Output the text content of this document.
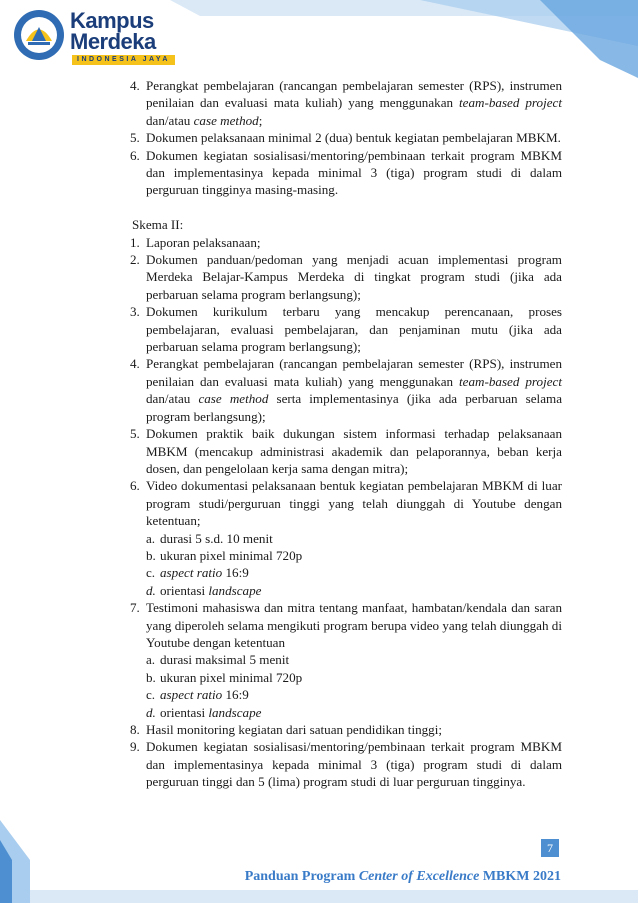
Kampus
Merdeka
INDONESIA JAYA
4. Perangkat pembelajaran (rancangan pembelajaran semester (RPS), instrumen penilaian dan evaluasi mata kuliah) yang menggunakan team-based project dan/atau case method;
5. Dokumen pelaksanaan minimal 2 (dua) bentuk kegiatan pembelajaran MBKM.
6. Dokumen kegiatan sosialisasi/mentoring/pembinaan terkait program MBKM dan implementasinya kepada minimal 3 (tiga) program studi di dalam perguruan tingginya masing-masing.
Skema II:
1. Laporan pelaksanaan;
2. Dokumen panduan/pedoman yang menjadi acuan implementasi program Merdeka Belajar-Kampus Merdeka di tingkat program studi (jika ada perbaruan selama program berlangsung);
3. Dokumen kurikulum terbaru yang mencakup perencanaan, proses pembelajaran, evaluasi pembelajaran, dan penjaminan mutu (jika ada perbaruan selama program berlangsung);
4. Perangkat pembelajaran (rancangan pembelajaran semester (RPS), instrumen penilaian dan evaluasi mata kuliah) yang menggunakan team-based project dan/atau case method serta implementasinya (jika ada perbaruan selama program berlangsung);
5. Dokumen praktik baik dukungan sistem informasi terhadap pelaksanaan MBKM (mencakup administrasi akademik dan pelaporannya, beban kerja dosen, dan pengelolaan kerja sama dengan mitra);
6. Video dokumentasi pelaksanaan bentuk kegiatan pembelajaran MBKM di luar program studi/perguruan tinggi yang telah diunggah di Youtube dengan ketentuan;
a. durasi 5 s.d. 10 menit
b. ukuran pixel minimal 720p
c. aspect ratio 16:9
d. orientasi landscape
7. Testimoni mahasiswa dan mitra tentang manfaat, hambatan/kendala dan saran yang diperoleh selama mengikuti program berupa video yang telah diunggah di Youtube dengan ketentuan
a. durasi maksimal 5 menit
b. ukuran pixel minimal 720p
c. aspect ratio 16:9
d. orientasi landscape
8. Hasil monitoring kegiatan dari satuan pendidikan tinggi;
9. Dokumen kegiatan sosialisasi/mentoring/pembinaan terkait program MBKM dan implementasinya kepada minimal 3 (tiga) program studi di dalam perguruan tinggi dan 5 (lima) program studi di luar perguruan tingginya.
7
Panduan Program Center of Excellence MBKM 2021
